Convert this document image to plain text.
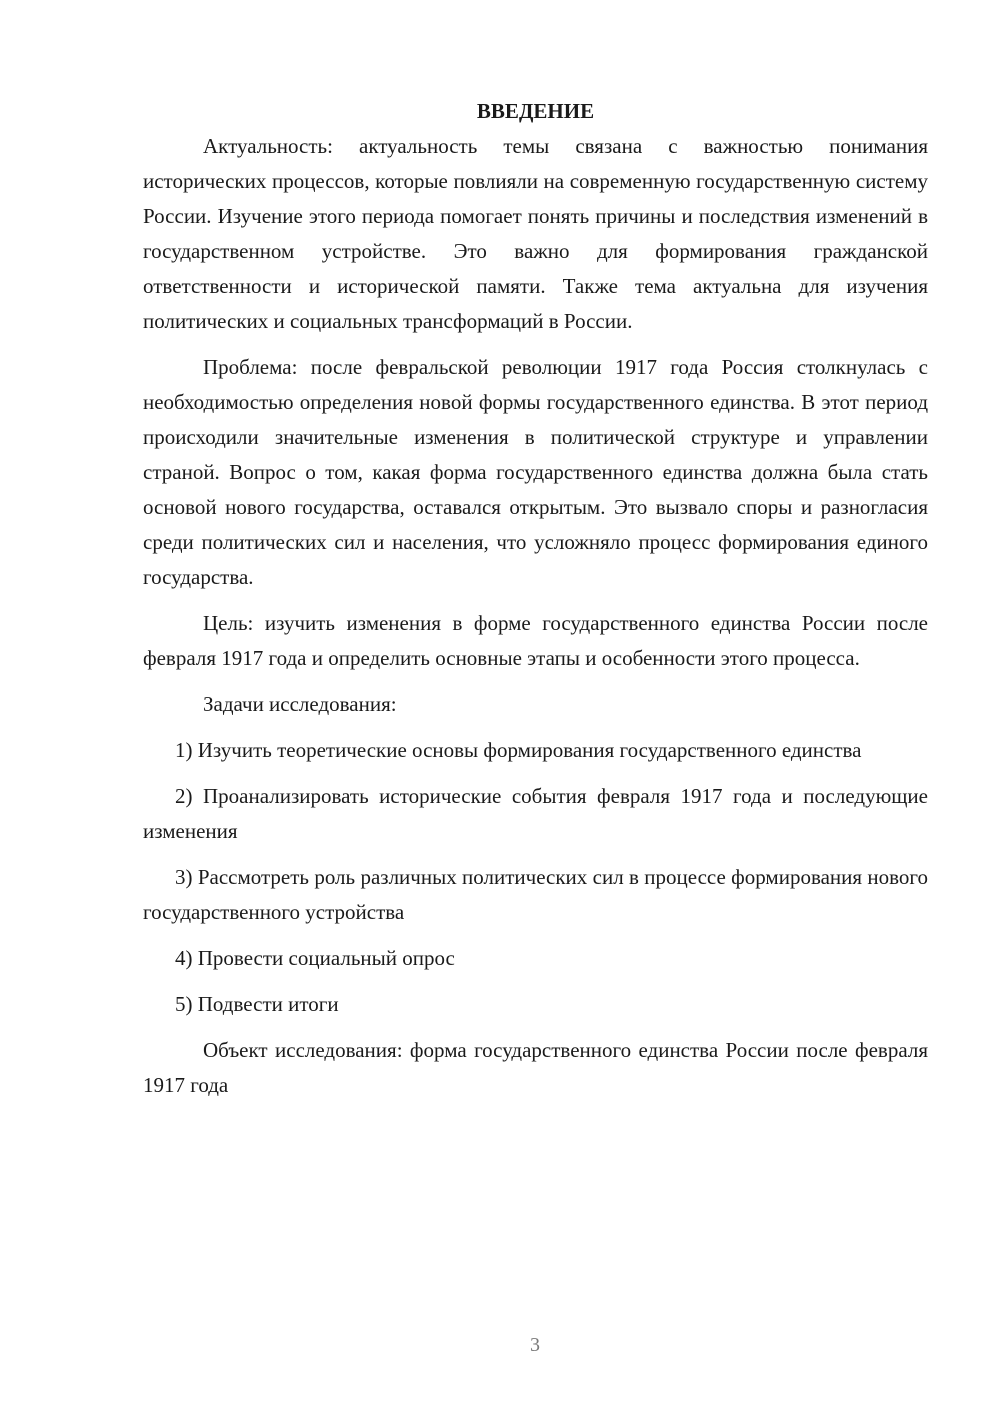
ВВЕДЕНИЕ

Актуальность: актуальность темы связана с важностью понимания исторических процессов, которые повлияли на современную государственную систему России. Изучение этого периода помогает понять причины и последствия изменений в государственном устройстве. Это важно для формирования гражданской ответственности и исторической памяти. Также тема актуальна для изучения политических и социальных трансформаций в России.

Проблема: после февральской революции 1917 года Россия столкнулась с необходимостью определения новой формы государственного единства. В этот период происходили значительные изменения в политической структуре и управлении страной. Вопрос о том, какая форма государственного единства должна была стать основой нового государства, оставался открытым. Это вызвало споры и разногласия среди политических сил и населения, что усложняло процесс формирования единого государства.

Цель: изучить изменения в форме государственного единства России после февраля 1917 года и определить основные этапы и особенности этого процесса.

Задачи исследования:

1) Изучить теоретические основы формирования государственного единства

2) Проанализировать исторические события февраля 1917 года и последующие изменения

3) Рассмотреть роль различных политических сил в процессе формирования нового государственного устройства

4) Провести социальный опрос

5) Подвести итоги

Объект исследования: форма государственного единства России после февраля 1917 года

3
